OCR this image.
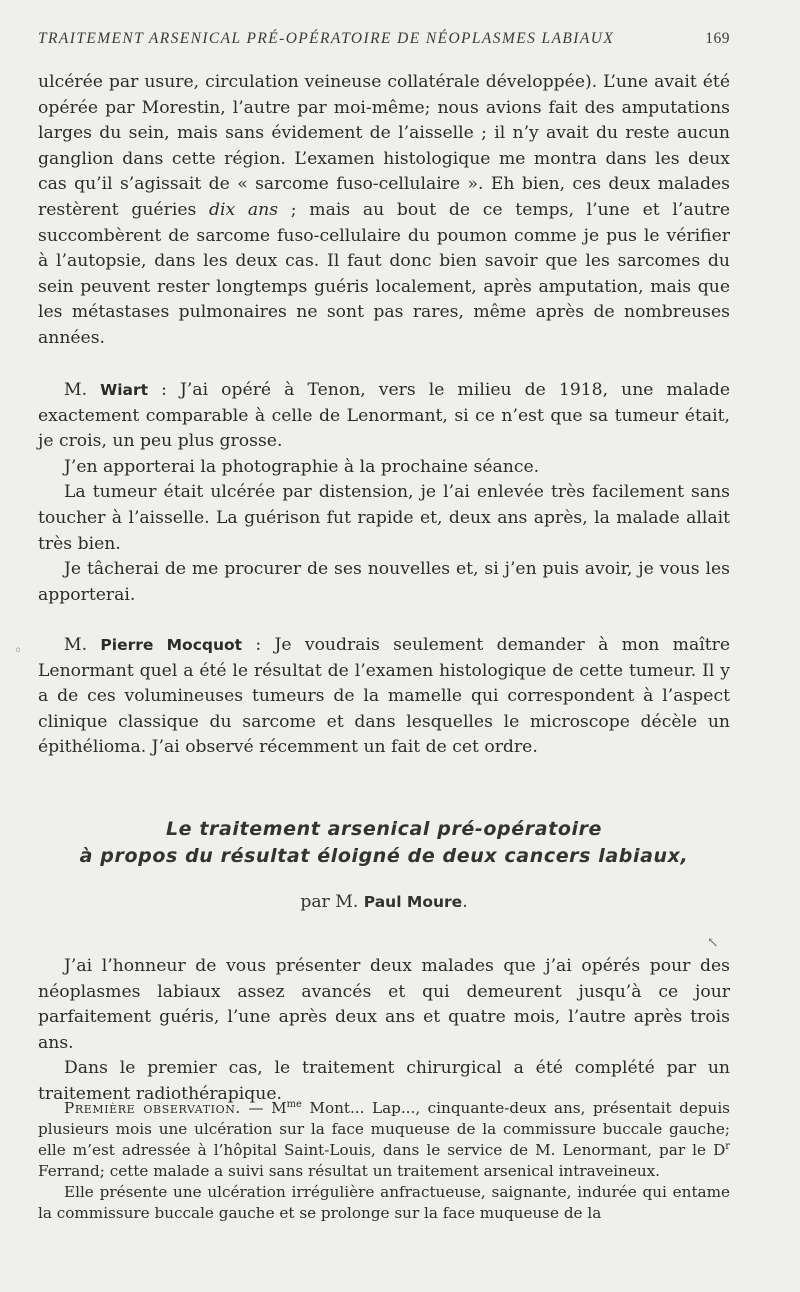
TRAITEMENT ARSENICAL PRÉ-OPÉRATOIRE DE NÉOPLASMES LABIAUX	169

ulcérée par usure, circulation veineuse collatérale développée). L’une avait été opérée par Morestin, l’autre par moi-même; nous avions fait des amputations larges du sein, mais sans évidement de l’aisselle ; il n’y avait du reste aucun ganglion dans cette région. L’examen histologique me montra dans les deux cas qu’il s’agissait de « sarcome fuso-cellulaire ». Eh bien, ces deux malades restèrent guéries dix ans ; mais au bout de ce temps, l’une et l’autre succombèrent de sarcome fuso-cellulaire du poumon comme je pus le vérifier à l’autopsie, dans les deux cas. Il faut donc bien savoir que les sarcomes du sein peuvent rester longtemps guéris localement, après amputation, mais que les métastases pulmonaires ne sont pas rares, même après de nombreuses années.

M. Wiart : J’ai opéré à Tenon, vers le milieu de 1918, une malade exactement comparable à celle de Lenormant, si ce n’est que sa tumeur était, je crois, un peu plus grosse.

J’en apporterai la photographie à la prochaine séance.

La tumeur était ulcérée par distension, je l’ai enlevée très facilement sans toucher à l’aisselle. La guérison fut rapide et, deux ans après, la malade allait très bien.

Je tâcherai de me procurer de ses nouvelles et, si j’en puis avoir, je vous les apporterai.

M. Pierre Mocquot : Je voudrais seulement demander à mon maître Lenormant quel a été le résultat de l’examen histologique de cette tumeur. Il y a de ces volumineuses tumeurs de la mamelle qui correspondent à l’aspect clinique classique du sarcome et dans lesquelles le microscope décèle un épithélioma. J’ai observé récemment un fait de cet ordre.

Le traitement arsenical pré-opératoire
à propos du résultat éloigné de deux cancers labiaux,
par M. Paul Moure.

J’ai l’honneur de vous présenter deux malades que j’ai opérés pour des néoplasmes labiaux assez avancés et qui demeurent jusqu’à ce jour parfaitement guéris, l’une après deux ans et quatre mois, l’autre après trois ans.

Dans le premier cas, le traitement chirurgical a été complété par un traitement radiothérapique.

Première observation. — $M^{me}$ Mont... Lap..., cinquante-deux ans, présentait depuis plusieurs mois une ulcération sur la face muqueuse de la commissure buccale gauche; elle m’est adressée à l’hôpital Saint-Louis, dans le service de M. Lenormant, par le $D^r$ Ferrand; cette malade a suivi sans résultat un traitement arsenical intraveineux.

Elle présente une ulcération irrégulière anfractueuse, saignante, indurée qui entame la commissure buccale gauche et se prolonge sur la face muqueuse de la

◦
↖
